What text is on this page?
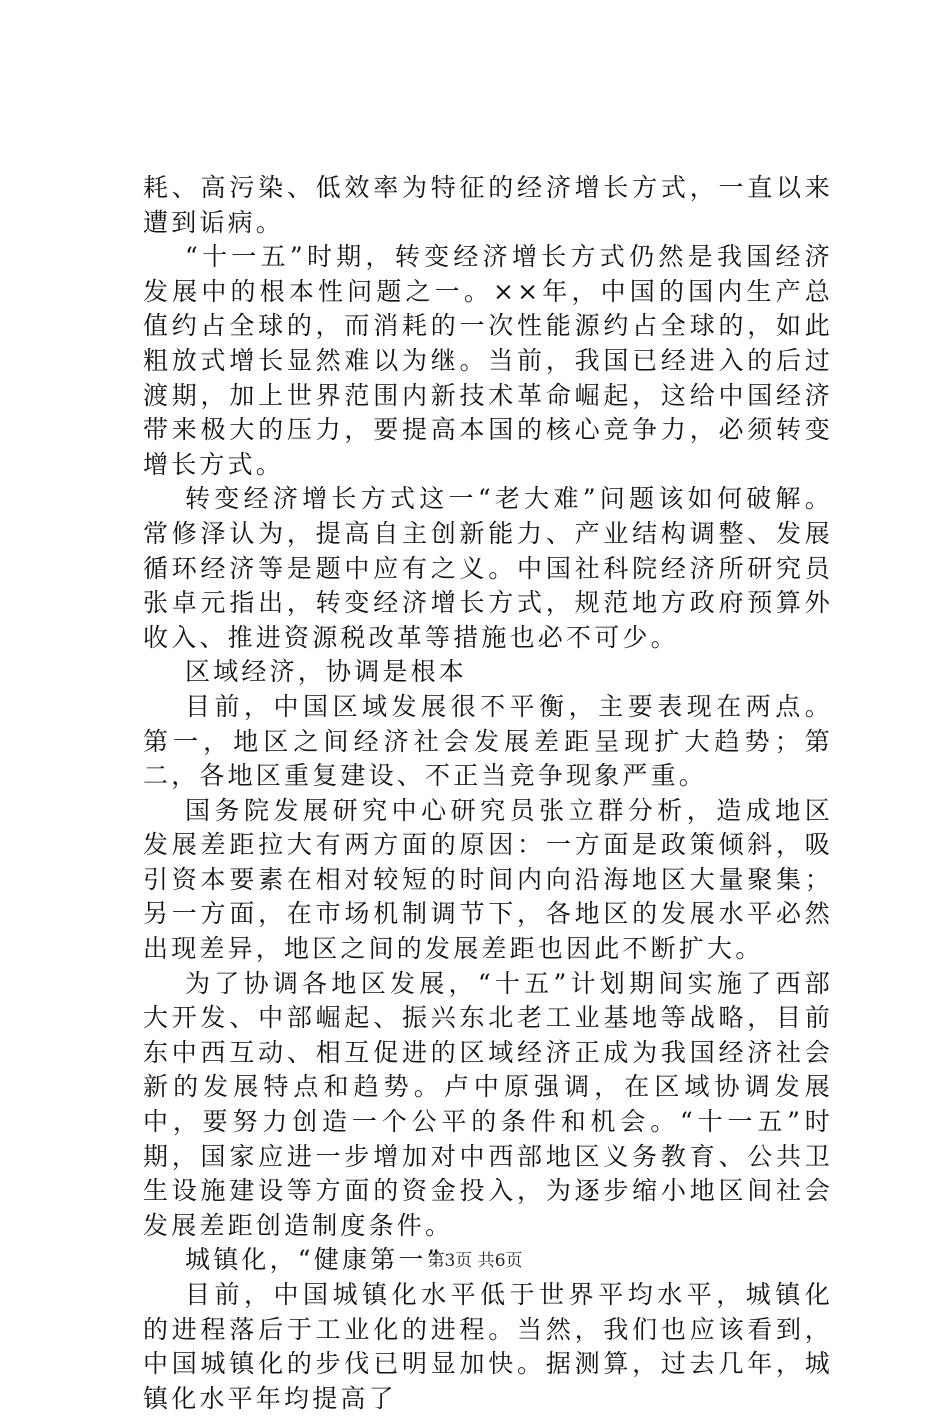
耗、高污染、低效率为特征的经济增长方式，一直以来遭到诟病。

“十一五”时期，转变经济增长方式仍然是我国经济发展中的根本性问题之一。××年，中国的国内生产总值约占全球的，而消耗的一次性能源约占全球的，如此粗放式增长显然难以为继。当前，我国已经进入的后过渡期，加上世界范围内新技术革命崛起，这给中国经济带来极大的压力，要提高本国的核心竞争力，必须转变增长方式。

转变经济增长方式这一“老大难”问题该如何破解。常修泽认为，提高自主创新能力、产业结构调整、发展循环经济等是题中应有之义。中国社科院经济所研究员张卓元指出，转变经济增长方式，规范地方政府预算外收入、推进资源税改革等措施也必不可少。

区域经济，协调是根本

目前，中国区域发展很不平衡，主要表现在两点。第一，地区之间经济社会发展差距呈现扩大趋势；第二，各地区重复建设、不正当竞争现象严重。

国务院发展研究中心研究员张立群分析，造成地区发展差距拉大有两方面的原因：一方面是政策倾斜，吸引资本要素在相对较短的时间内向沿海地区大量聚集；另一方面，在市场机制调节下，各地区的发展水平必然出现差异，地区之间的发展差距也因此不断扩大。

为了协调各地区发展，“十五”计划期间实施了西部大开发、中部崛起、振兴东北老工业基地等战略，目前东中西互动、相互促进的区域经济正成为我国经济社会新的发展特点和趋势。卢中原强调，在区域协调发展中，要努力创造一个公平的条件和机会。“十一五”时期，国家应进一步增加对中西部地区义务教育、公共卫生设施建设等方面的资金投入，为逐步缩小地区间社会发展差距创造制度条件。

城镇化，“健康第一”

目前，中国城镇化水平低于世界平均水平，城镇化的进程落后于工业化的进程。当然，我们也应该看到，中国城镇化的步伐已明显加快。据测算，过去几年，城镇化水平年均提高了

第3页 共6页
